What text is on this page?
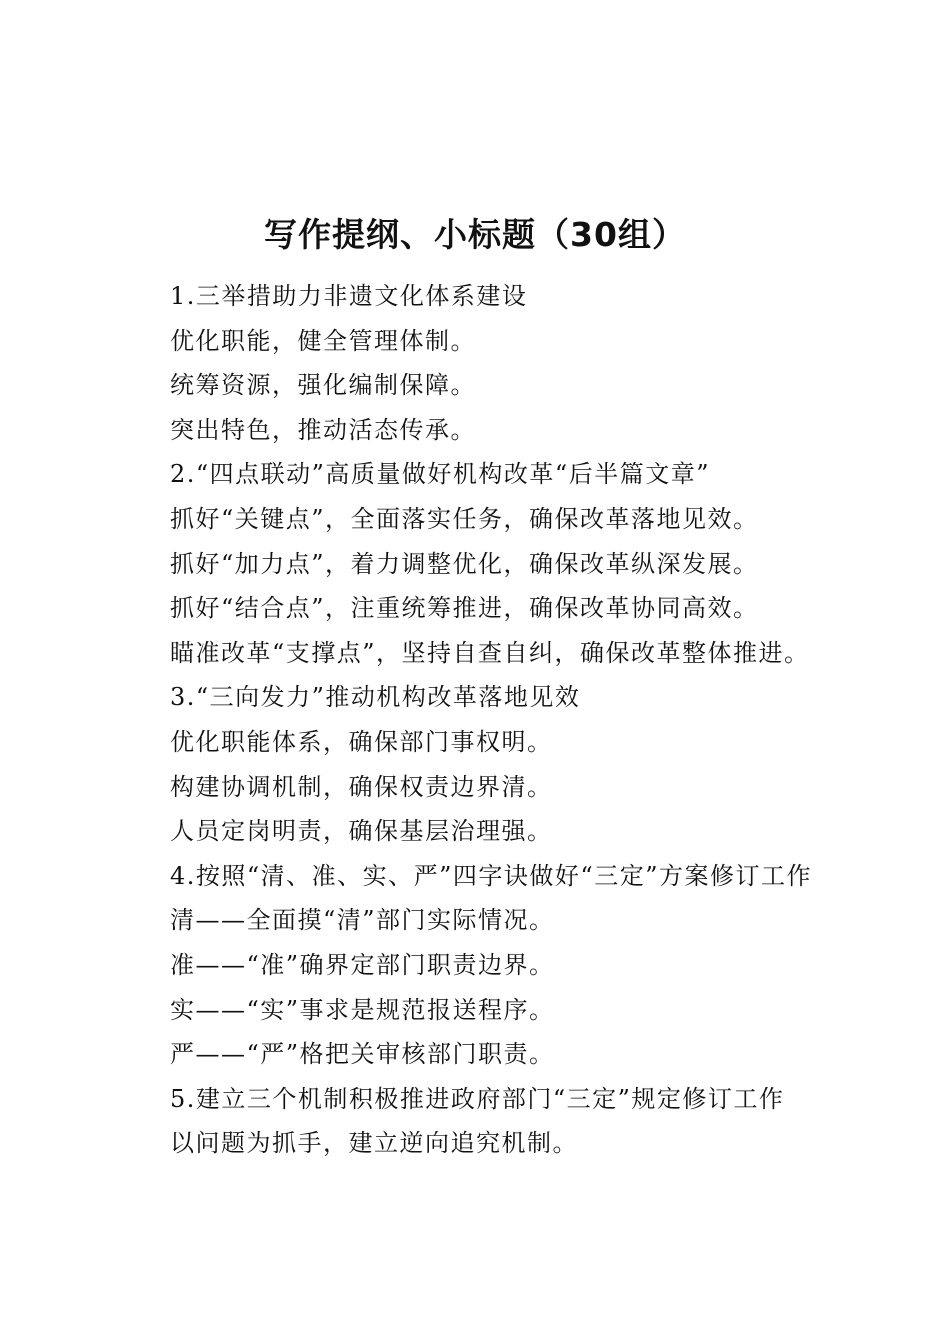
写作提纲、小标题（30组）

1.三举措助力非遗文化体系建设

优化职能，健全管理体制。

统筹资源，强化编制保障。

突出特色，推动活态传承。

2.“四点联动”高质量做好机构改革“后半篇文章”

抓好“关键点”，全面落实任务，确保改革落地见效。

抓好“加力点”，着力调整优化，确保改革纵深发展。

抓好“结合点”，注重统筹推进，确保改革协同高效。

瞄准改革“支撑点”，坚持自查自纠，确保改革整体推进。

3.“三向发力”推动机构改革落地见效

优化职能体系，确保部门事权明。

构建协调机制，确保权责边界清。

人员定岗明责，确保基层治理强。

4.按照“清、准、实、严”四字诀做好“三定”方案修订工作

清——全面摸“清”部门实际情况。

准——“准”确界定部门职责边界。

实——“实”事求是规范报送程序。

严——“严”格把关审核部门职责。

5.建立三个机制积极推进政府部门“三定”规定修订工作

以问题为抓手，建立逆向追究机制。
